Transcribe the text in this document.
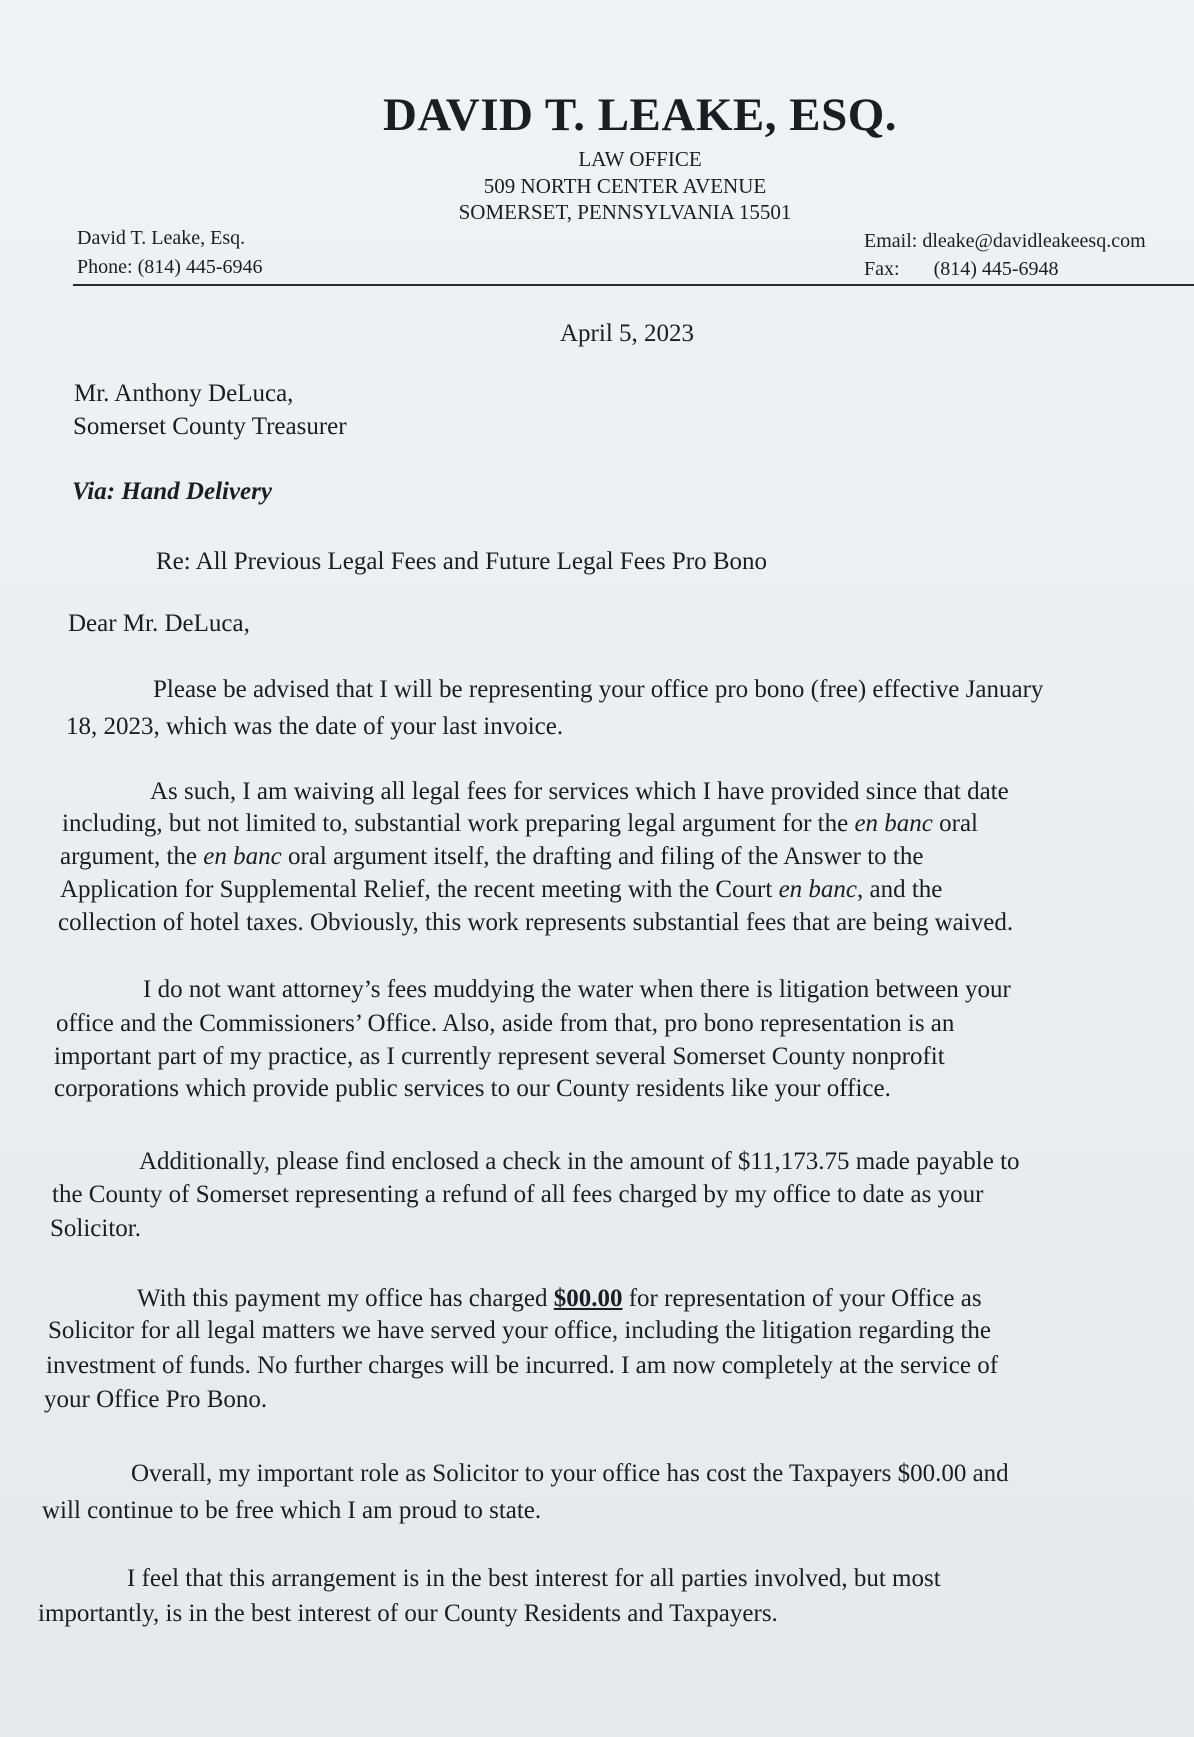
DAVID T. LEAKE, ESQ.
LAW OFFICE
509 NORTH CENTER AVENUE
SOMERSET, PENNSYLVANIA 15501
David T. Leake, Esq.
Phone: (814) 445-6946
Email: dleake@davidleakeesq.com
Fax: (814) 445-6948
April 5, 2023
Mr. Anthony DeLuca,
Somerset County Treasurer
Via: Hand Delivery
Re: All Previous Legal Fees and Future Legal Fees Pro Bono
Dear Mr. DeLuca,
Please be advised that I will be representing your office pro bono (free) effective January
18, 2023, which was the date of your last invoice.
As such, I am waiving all legal fees for services which I have provided since that date
including, but not limited to, substantial work preparing legal argument for the en banc oral
argument, the en banc oral argument itself, the drafting and filing of the Answer to the
Application for Supplemental Relief, the recent meeting with the Court en banc, and the
collection of hotel taxes. Obviously, this work represents substantial fees that are being waived.
I do not want attorney’s fees muddying the water when there is litigation between your
office and the Commissioners’ Office. Also, aside from that, pro bono representation is an
important part of my practice, as I currently represent several Somerset County nonprofit
corporations which provide public services to our County residents like your office.
Additionally, please find enclosed a check in the amount of $11,173.75 made payable to
the County of Somerset representing a refund of all fees charged by my office to date as your
Solicitor.
With this payment my office has charged $00.00 for representation of your Office as
Solicitor for all legal matters we have served your office, including the litigation regarding the
investment of funds. No further charges will be incurred. I am now completely at the service of
your Office Pro Bono.
Overall, my important role as Solicitor to your office has cost the Taxpayers $00.00 and
will continue to be free which I am proud to state.
I feel that this arrangement is in the best interest for all parties involved, but most
importantly, is in the best interest of our County Residents and Taxpayers.
